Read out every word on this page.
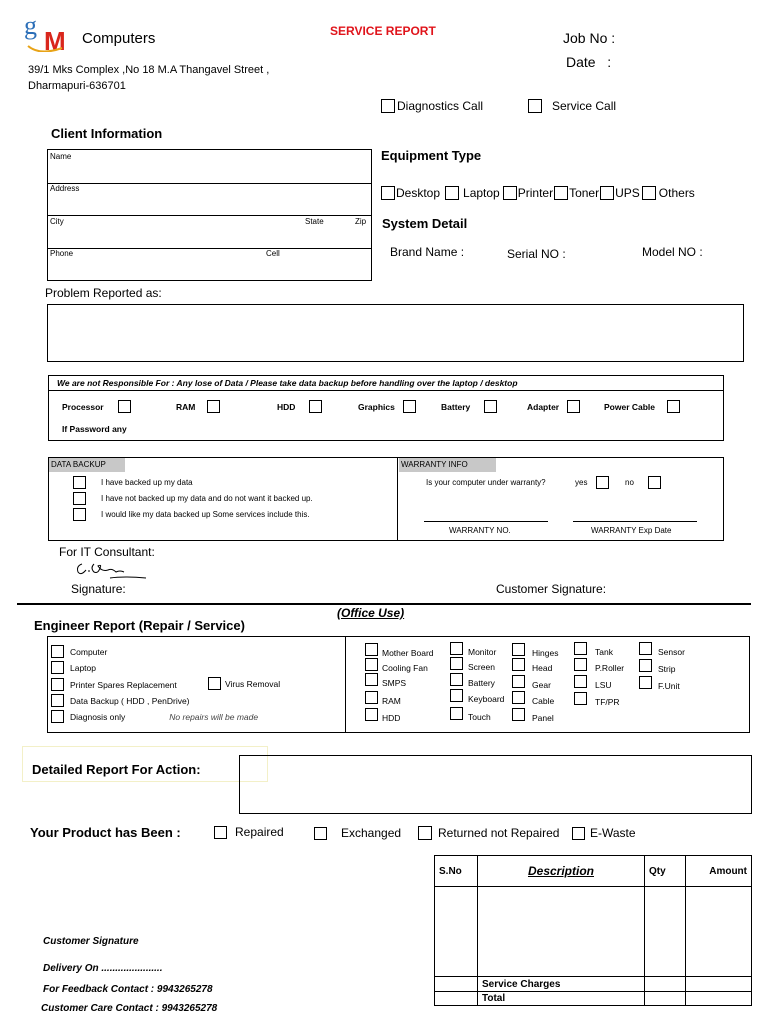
g
M Computers
39/1 Mks Complex ,No 18 M.A Thangavel Street ,
Dharmapuri-636701
SERVICE REPORT	Job No :
Date   :
Diagnostics Call	Service Call
Client Information
Name
Address
City	State	Zip
Phone	Cell
Equipment Type
Desktop Laptop Printer Toner UPS Others
System Detail
Brand Name :	Serial NO :	Model NO :
Problem Reported as:
We are not Responsible For : Any lose of Data / Please take data backup before handling over the laptop / desktop
Processor	RAM	HDD	Graphics	Battery	Adapter	Power Cable
If Password any
DATA BACKUP
I have backed up my data
I have not backed up my data and do not want it backed up.
I would like my data backed up Some services include this.
WARRANTY INFO
Is your computer under warranty?	yes	no
WARRANTY NO.	WARRANTY Exp Date
For IT Consultant:
Signature:	Customer Signature:
(Office Use)
Engineer Report (Repair / Service)
Computer
Laptop
Printer Spares Replacement	Virus Removal
Data Backup ( HDD , PenDrive)
Diagnosis only	No repairs will be made
Mother Board
Cooling Fan
SMPS
RAM
HDD
Monitor
Screen
Battery
Keyboard
Touch
Hinges
Head
Gear
Cable
Panel
Tank
P.Roller
LSU
TF/PR
Sensor
Strip
F.Unit
Detailed Report For Action:
Your Product has Been :	Repaired	Exchanged	Returned not Repaired	E-Waste
Customer Signature
Delivery On ......................
For Feedback Contact : 9943265278
Customer Care Contact : 9943265278
S.No	Description	Qty	Amount

	Service Charges		
	Total		
